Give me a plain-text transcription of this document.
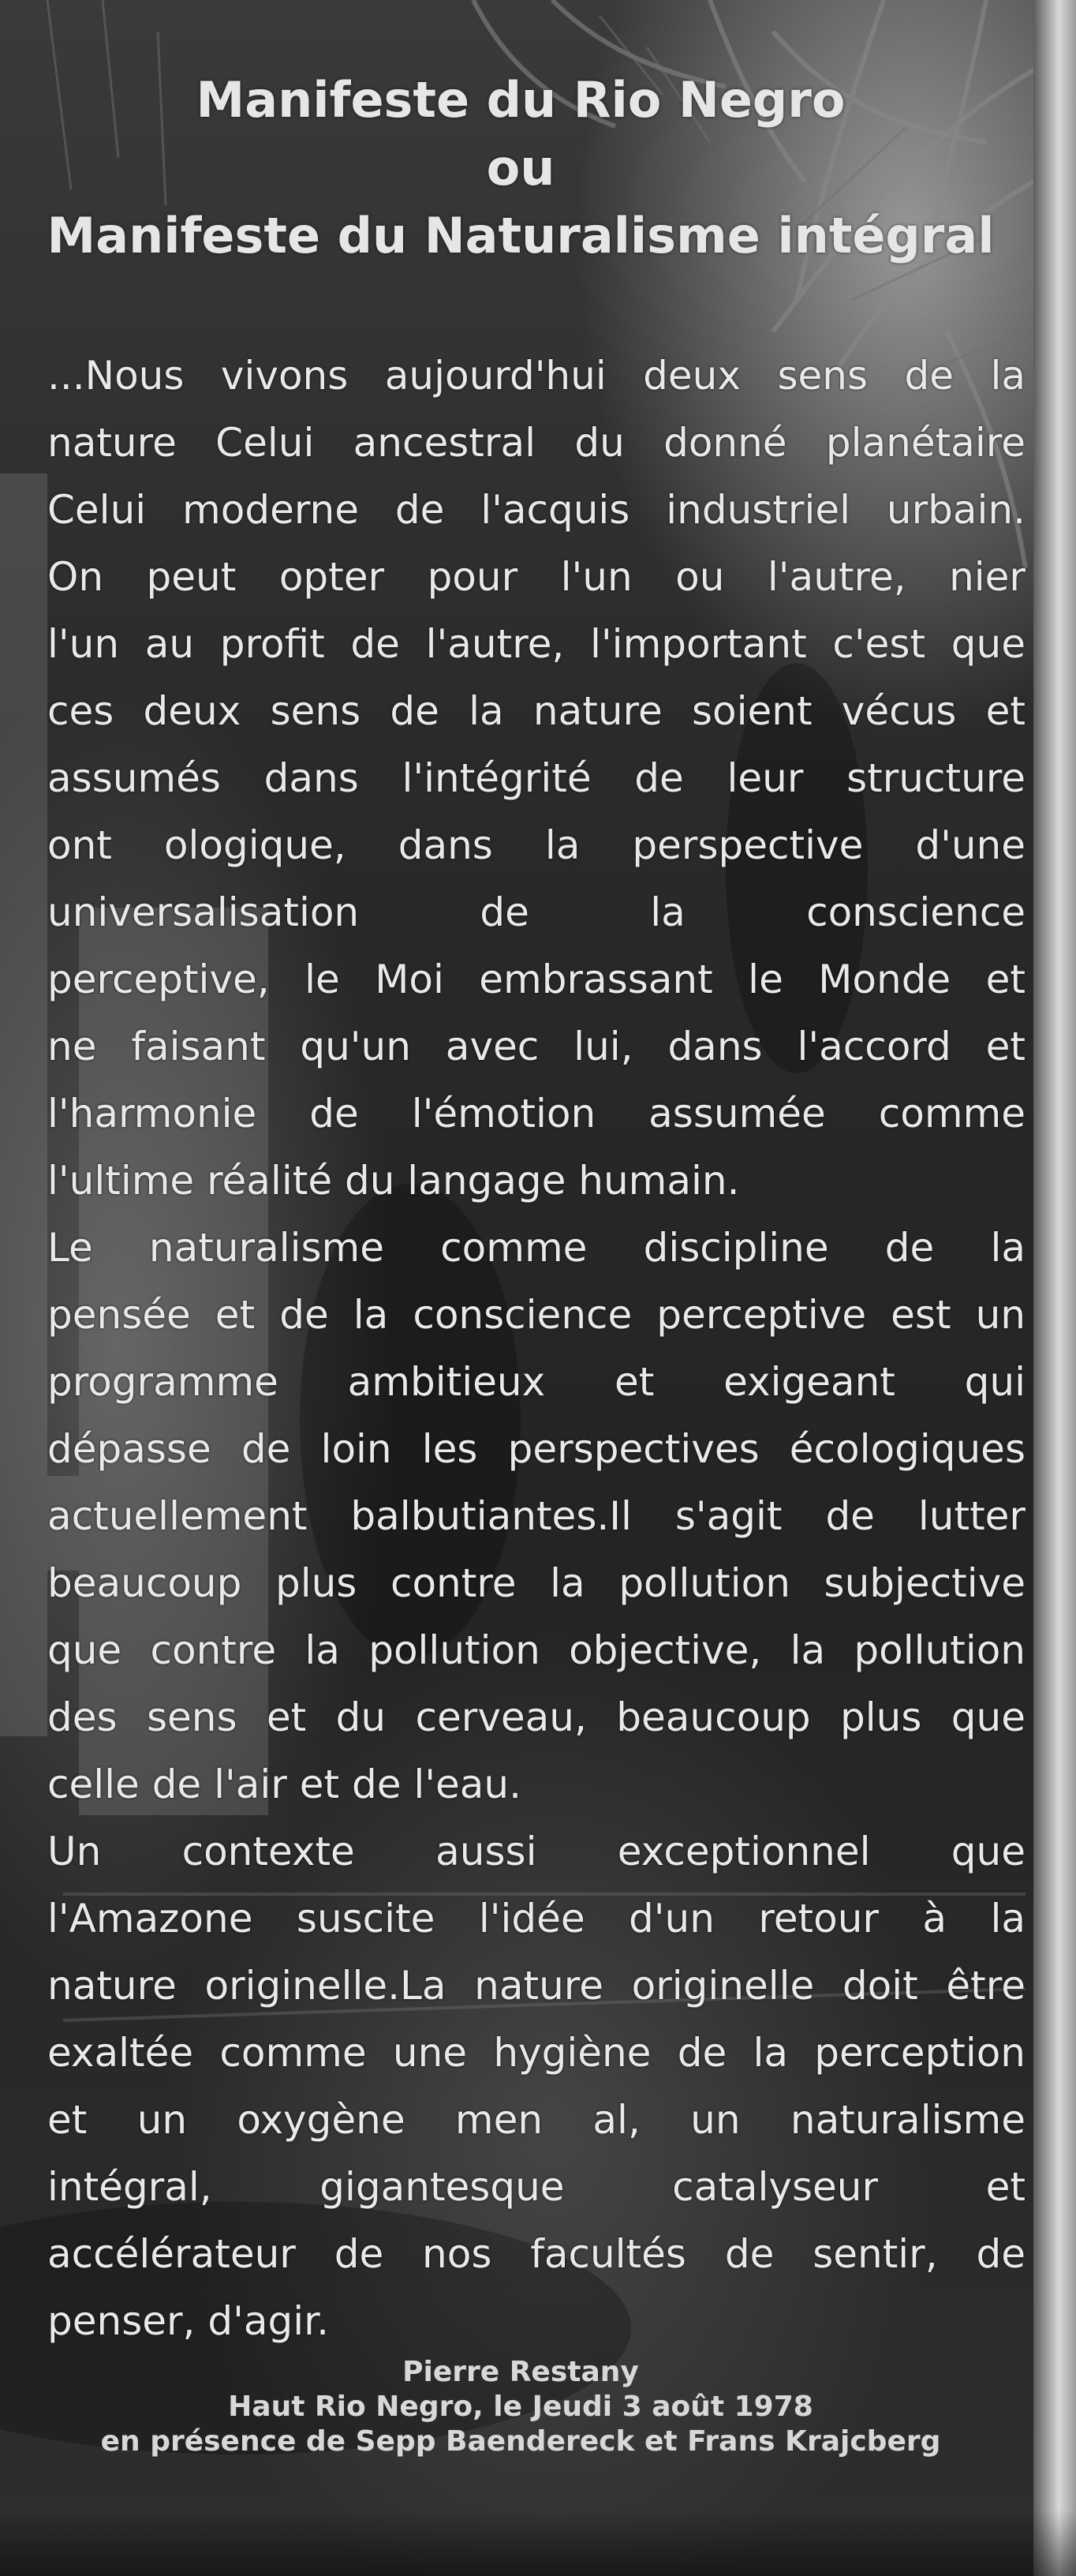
Manifeste du Rio Negro
ou
Manifeste du Naturalisme intégral
...Nous vivons aujourd'hui deux sens de la
nature Celui ancestral du donné planétaire
Celui moderne de l'acquis industriel urbain.
On peut opter pour l'un ou l'autre, nier
l'un au profit de l'autre, l'important c'est que
ces deux sens de la nature soient vécus et
assumés dans l'intégrité de leur structure
ont ologique, dans la perspective d'une
universalisation de la conscience
perceptive, le Moi embrassant le Monde et
ne faisant qu'un avec lui, dans l'accord et
l'harmonie de l'émotion assumée comme
l'ultime réalité du langage humain.
Le naturalisme comme discipline de la
pensée et de la conscience perceptive est un
programme ambitieux et exigeant qui
dépasse de loin les perspectives écologiques
actuellement balbutiantes.Il s'agit de lutter
beaucoup plus contre la pollution subjective
que contre la pollution objective, la pollution
des sens et du cerveau, beaucoup plus que
celle de l'air et de l'eau.
Un contexte aussi exceptionnel que
l'Amazone suscite l'idée d'un retour à la
nature originelle.La nature originelle doit être
exaltée comme une hygiène de la perception
et un oxygène men al, un naturalisme
intégral, gigantesque catalyseur et
accélérateur de nos facultés de sentir, de
penser, d'agir.
Pierre Restany
Haut Rio Negro, le Jeudi 3 août 1978
en présence de Sepp Baendereck et Frans Krajcberg
